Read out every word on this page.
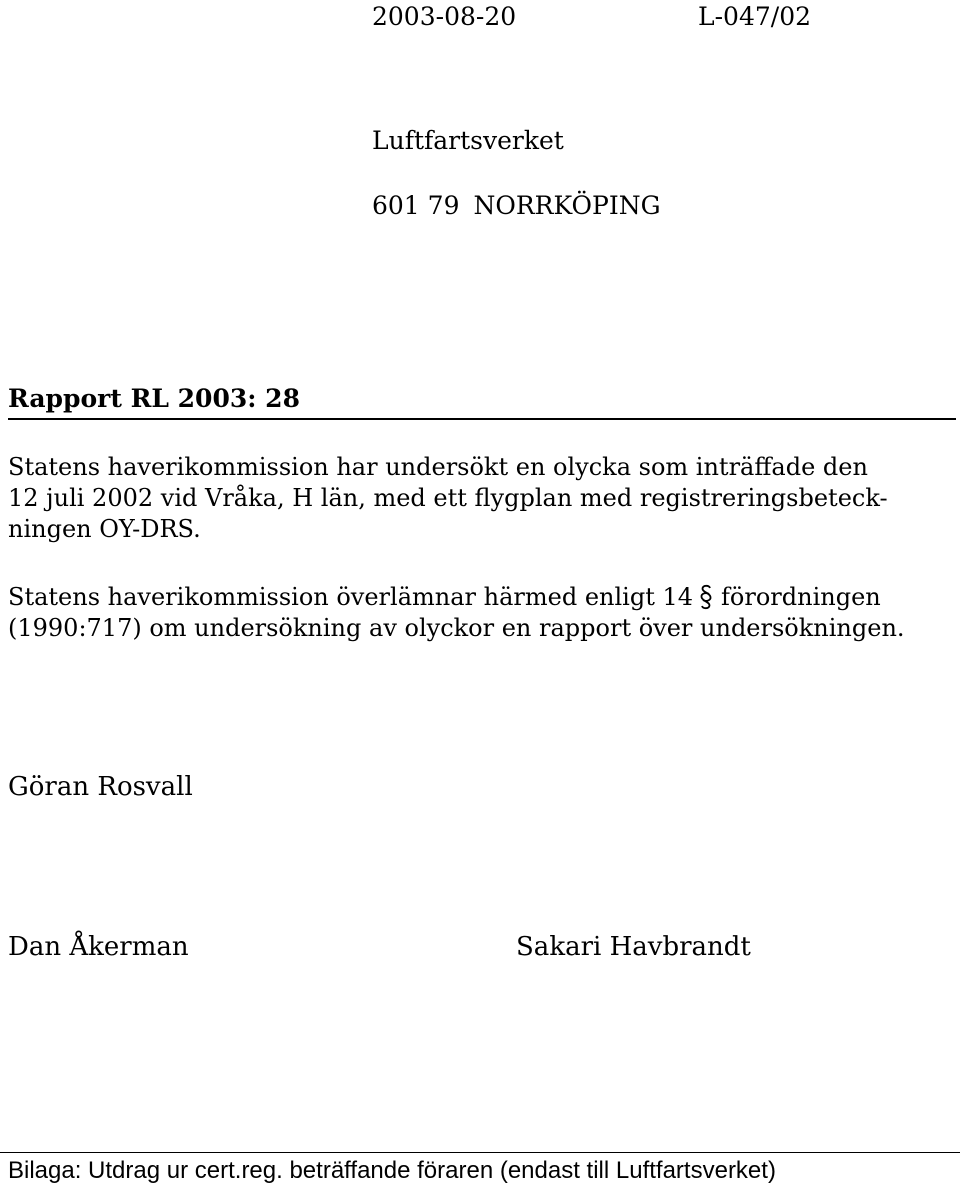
2003-08-20	L-047/02
Luftfartsverket
601 79 NORRKÖPING
Rapport RL 2003: 28
Statens haverikommission har undersökt en olycka som inträffade den
12 juli 2002 vid Vråka, H län, med ett flygplan med registreringsbeteck-
ningen OY-DRS.
Statens haverikommission överlämnar härmed enligt 14 förordningen
(1990:717) om undersökning av olyckor en rapport över undersökningen.
Göran Rosvall
Dan Åkerman	Sakari Havbrandt
Bilaga: Utdrag ur cert.reg. beträffande föraren (endast till Luftfartsverket)
